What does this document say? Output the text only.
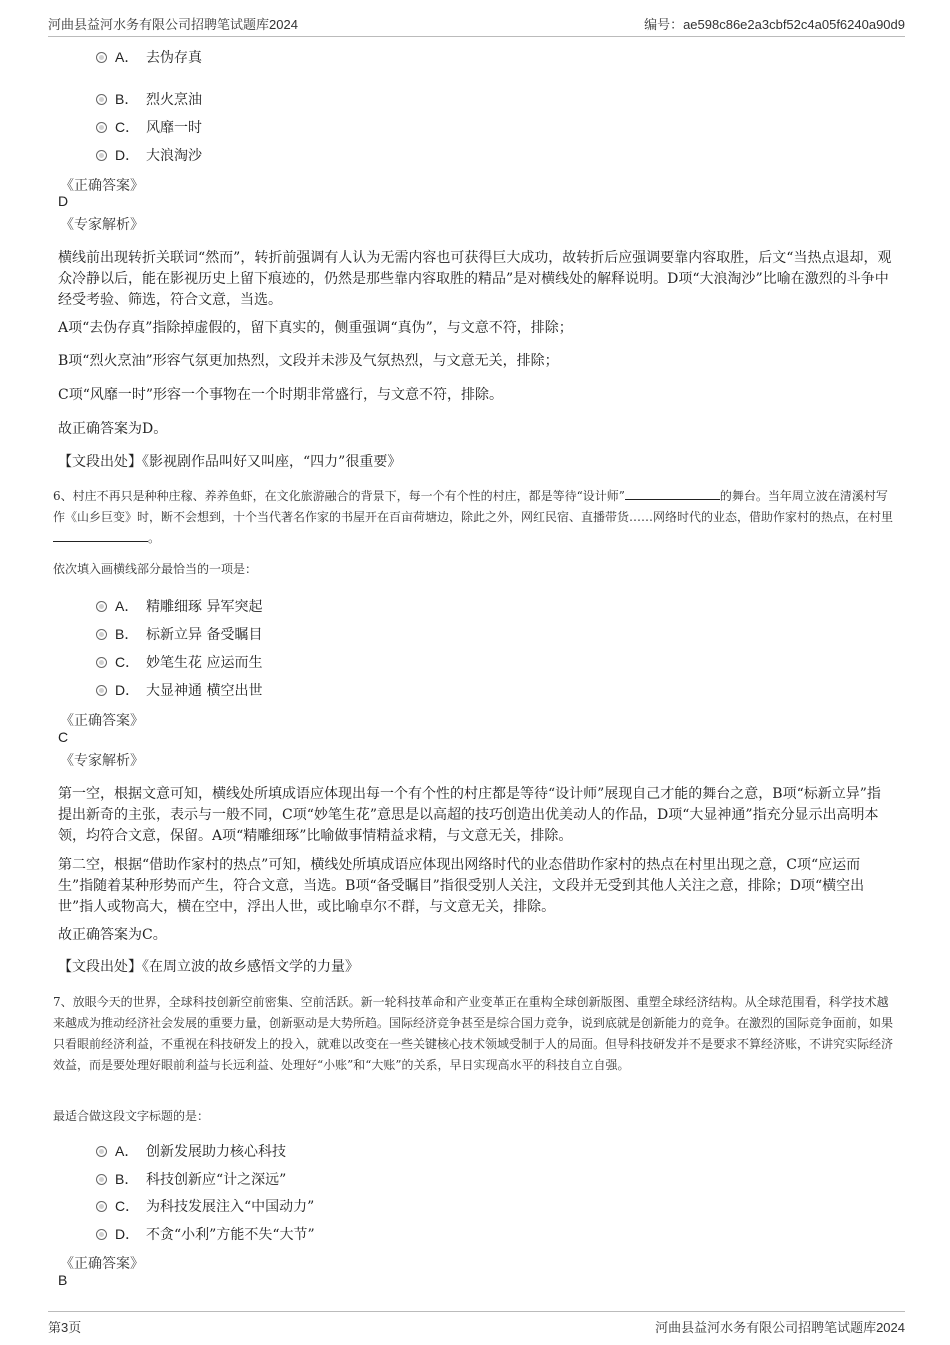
河曲县益河水务有限公司招聘笔试题库2024	编号：ae598c86e2a3cbf52c4a05f6240a90d9
A． 去伪存真
B． 烈火烹油
C． 风靡一时
D． 大浪淘沙
《正确答案》
D
《专家解析》
横线前出现转折关联词“然而”，转折前强调有人认为无需内容也可获得巨大成功，故转折后应强调要靠内容取胜，后文“当热点退却，观众冷静以后，能在影视历史上留下痕迹的，仍然是那些靠内容取胜的精品”是对横线处的解释说明。D项“大浪淘沙”比喻在激烈的斗争中经受考验、筛选，符合文意，当选。
A项“去伪存真”指除掉虚假的，留下真实的，侧重强调“真伪”，与文意不符，排除；
B项“烈火烹油”形容气氛更加热烈，文段并未涉及气氛热烈，与文意无关，排除；
C项“风靡一时”形容一个事物在一个时期非常盛行，与文意不符，排除。
故正确答案为D。
【文段出处】《影视剧作品叫好又叫座，“四力”很重要》
6、村庄不再只是种种庄稼、养养鱼虾，在文化旅游融合的背景下，每一个有个性的村庄，都是等待“设计师”	的舞台。当年周立波在清溪村写作《山乡巨变》时，断不会想到，十个当代著名作家的书屋开在百亩荷塘边，除此之外，网红民宿、直播带货……网络时代的业态，借助作家村的热点，在村里。
依次填入画横线部分最恰当的一项是：
A． 精雕细琢 异军突起
B． 标新立异 备受瞩目
C． 妙笔生花 应运而生
D． 大显神通 横空出世
《正确答案》
C
《专家解析》
第一空，根据文意可知，横线处所填成语应体现出每一个有个性的村庄都是等待“设计师”展现自己才能的舞台之意，B项“标新立异”指提出新奇的主张，表示与一般不同，C项“妙笔生花”意思是以高超的技巧创造出优美动人的作品，D项“大显神通”指充分显示出高明本领，均符合文意，保留。A项“精雕细琢”比喻做事情精益求精，与文意无关，排除。
第二空，根据“借助作家村的热点”可知，横线处所填成语应体现出网络时代的业态借助作家村的热点在村里出现之意，C项“应运而生”指随着某种形势而产生，符合文意，当选。B项“备受瞩目”指很受别人关注，文段并无受到其他人关注之意，排除；D项“横空出世”指人或物高大，横在空中，浮出人世，或比喻卓尔不群，与文意无关，排除。
故正确答案为C。
【文段出处】《在周立波的故乡感悟文学的力量》
7、放眼今天的世界，全球科技创新空前密集、空前活跃。新一轮科技革命和产业变革正在重构全球创新版图、重塑全球经济结构。从全球范围看，科学技术越来越成为推动经济社会发展的重要力量，创新驱动是大势所趋。国际经济竞争甚至是综合国力竞争，说到底就是创新能力的竞争。在激烈的国际竞争面前，如果只看眼前经济利益，不重视在科技研发上的投入，就难以改变在一些关键核心技术领域受制于人的局面。但导科技研发并不是要求不算经济账，不讲究实际经济效益，而是要处理好眼前利益与长远利益、处理好“小账”和“大账”的关系，早日实现高水平的科技自立自强。
最适合做这段文字标题的是：
A． 创新发展助力核心科技
B． 科技创新应“计之深远”
C． 为科技发展注入“中国动力”
D． 不贪“小利”方能不失“大节”
《正确答案》
B
第3页	河曲县益河水务有限公司招聘笔试题库2024
